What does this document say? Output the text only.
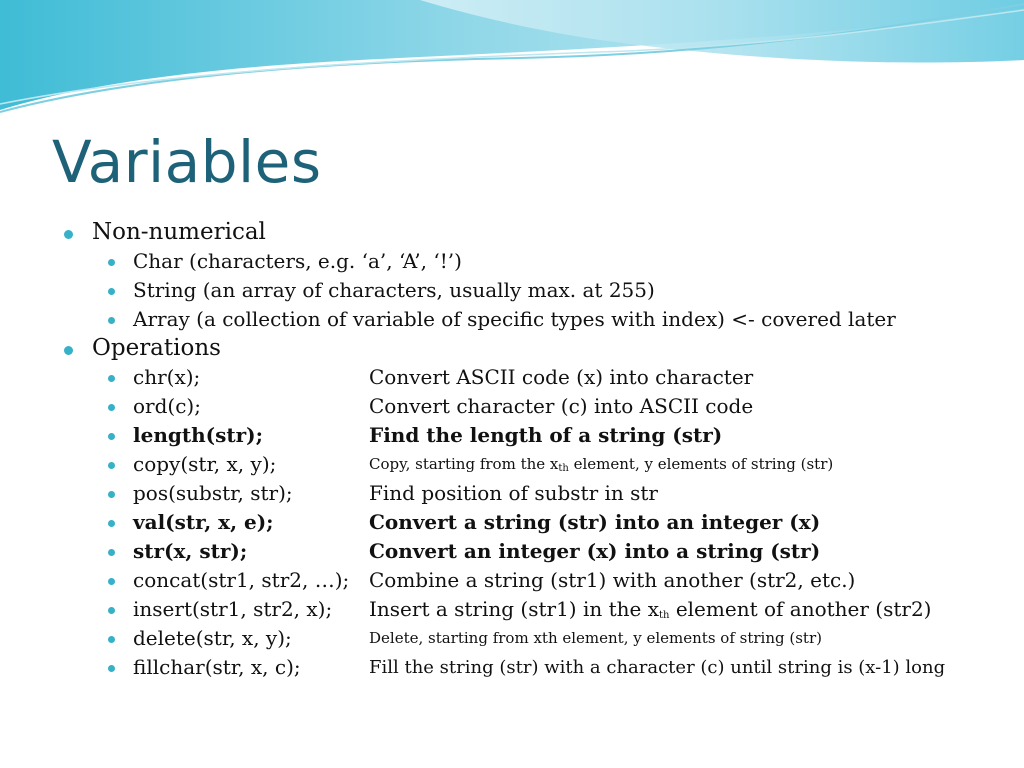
Variables
Non-numerical
Char (characters, e.g. ‘a’, ‘A’, ‘!’)
String (an array of characters, usually max. at 255)
Array (a collection of variable of specific types with index) <- covered later
Operations
chr(x);	Convert ASCII code (x) into character
ord(c);	Convert character (c) into ASCII code
length(str);	Find the length of a string (str)
copy(str, x, y);	Copy, starting from the $x_{th}$ element, y elements of string (str)
pos(substr, str);	Find position of substr in str
val(str, x, e);	Convert a string (str) into an integer (x)
str(x, str);	Convert an integer (x) into a string (str)
concat(str1, str2, …); Combine a string (str1) with another (str2, etc.)
insert(str1, str2, x); Insert a string (str1) in the $x_{th}$ element of another (str2)
delete(str, x, y);	Delete, starting from xth element, y elements of string (str)
fillchar(str, x, c);	Fill the string (str) with a character (c) until string is (x-1) long
